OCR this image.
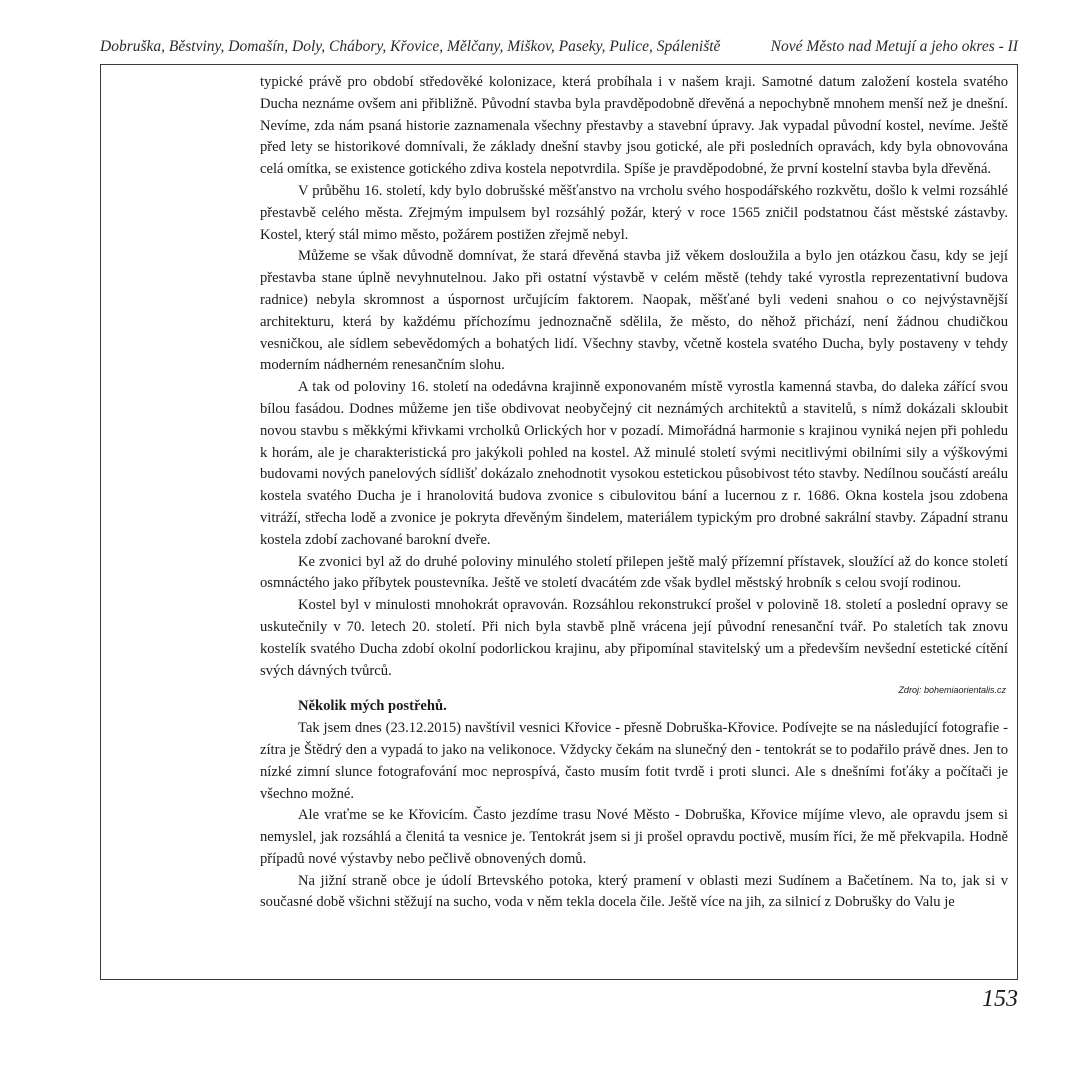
Dobruška, Běstviny, Domašín, Doly, Chábory, Křovice, Mělčany, Miškov, Paseky, Pulice, Spáleniště	Nové Město nad Metují a jeho okres - II

typické právě pro období středověké kolonizace, která probíhala i v našem kraji. Samotné datum založení kostela svatého Ducha neznáme ovšem ani přibližně. Původní stavba byla pravděpodobně dřevěná a nepochybně mnohem menší než je dnešní. Nevíme, zda nám psaná historie zaznamenala všechny přestavby a stavební úpravy. Jak vypadal původní kostel, nevíme. Ještě před lety se historikové domnívali, že základy dnešní stavby jsou gotické, ale při posledních opravách, kdy byla obnovována celá omítka, se existence gotického zdiva kostela nepotvrdila. Spíše je pravděpodobné, že první kostelní stavba byla dřevěná.

V průběhu 16. století, kdy bylo dobrušské měšťanstvo na vrcholu svého hospodářského rozkvětu, došlo k velmi rozsáhlé přestavbě celého města. Zřejmým impulsem byl rozsáhlý požár, který v roce 1565 zničil podstatnou část městské zástavby. Kostel, který stál mimo město, požárem postižen zřejmě nebyl.

Můžeme se však důvodně domnívat, že stará dřevěná stavba již věkem dosloužila a bylo jen otázkou času, kdy se její přestavba stane úplně nevyhnutelnou. Jako při ostatní výstavbě v celém městě (tehdy také vyrostla reprezentativní budova radnice) nebyla skromnost a úspornost určujícím faktorem. Naopak, měšťané byli vedeni snahou o co nejvýstavnější architekturu, která by každému příchozímu jednoznačně sdělila, že město, do něhož přichází, není žádnou chudičkou vesničkou, ale sídlem sebevědomých a bohatých lidí. Všechny stavby, včetně kostela svatého Ducha, byly postaveny v tehdy moderním nádherném renesančním slohu.

A tak od poloviny 16. století na odedávna krajinně exponovaném místě vyrostla kamenná stavba, do daleka zářící svou bílou fasádou. Dodnes můžeme jen tiše obdivovat neobyčejný cit neznámých architektů a stavitelů, s nímž dokázali skloubit novou stavbu s měkkými křivkami vrcholků Orlických hor v pozadí. Mimořádná harmonie s krajinou vyniká nejen při pohledu k horám, ale je charakteristická pro jakýkoli pohled na kostel. Až minulé století svými necitlivými obilními sily a výškovými budovami nových panelových sídlišť dokázalo znehodnotit vysokou estetickou působivost této stavby. Nedílnou součástí areálu kostela svatého Ducha je i hranolovitá budova zvonice s cibulovitou bání a lucernou z r. 1686. Okna kostela jsou zdobena vitráží, střecha lodě a zvonice je pokryta dřevěným šindelem, materiálem typickým pro drobné sakrální stavby. Západní stranu kostela zdobí zachované barokní dveře.

Ke zvonici byl až do druhé poloviny minulého století přilepen ještě malý přízemní přístavek, sloužící až do konce století osmnáctého jako příbytek poustevníka. Ještě ve století dvacátém zde však bydlel městský hrobník s celou svojí rodinou.

Kostel byl v minulosti mnohokrát opravován. Rozsáhlou rekonstrukcí prošel v polovině 18. století a poslední opravy se uskutečnily v 70. letech 20. století. Při nich byla stavbě plně vrácena její původní renesanční tvář. Po staletích tak znovu kostelík svatého Ducha zdobí okolní podorlickou krajinu, aby připomínal stavitelský um a především nevšední estetické cítění svých dávných tvůrců.

Zdroj: bohemiaorientalis.cz

Několik mých postřehů.

Tak jsem dnes (23.12.2015) navštívil vesnici Křovice - přesně Dobruška-Křovice. Podívejte se na následující fotografie - zítra je Štědrý den a vypadá to jako na velikonoce. Vždycky čekám na slunečný den - tentokrát se to podařilo právě dnes. Jen to nízké zimní slunce fotografování moc neprospívá, často musím fotit tvrdě i proti slunci. Ale s dnešními foťáky a počítači je všechno možné.

Ale vraťme se ke Křovicím. Často jezdíme trasu Nové Město - Dobruška, Křovice míjíme vlevo, ale opravdu jsem si nemyslel, jak rozsáhlá a členitá ta vesnice je. Tentokrát jsem si ji prošel opravdu poctivě, musím říci, že mě překvapila. Hodně případů nové výstavby nebo pečlivě obnovených domů.

Na jižní straně obce je údolí Brtevského potoka, který pramení v oblasti mezi Sudínem a Bačetínem. Na to, jak si v současné době všichni stěžují na sucho, voda v něm tekla docela čile. Ještě více na jih, za silnicí z Dobrušky do Valu je

153
